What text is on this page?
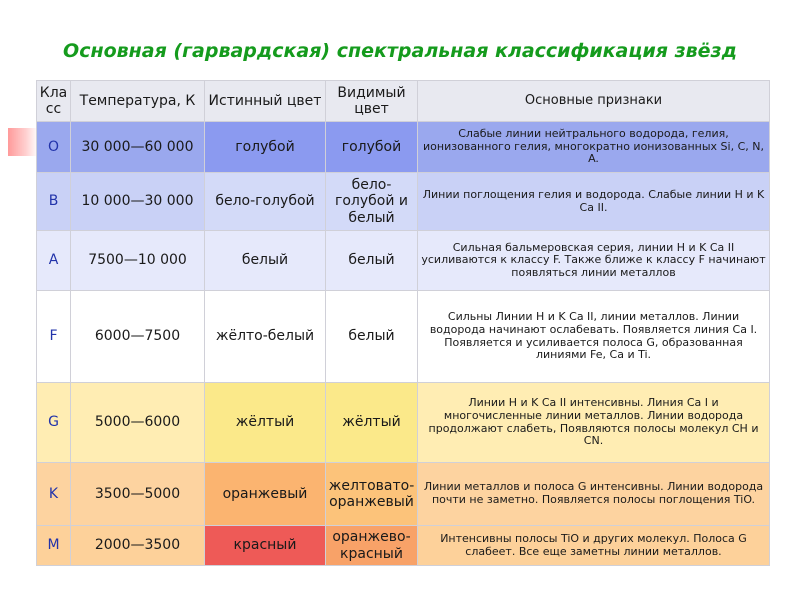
Основная (гарвардская) спектральная классификация звёзд
Кла сс	Температура, К	Истинный цвет	Видимый цвет	Основные признаки
O	30 000—60 000	голубой	голубой	Слабые линии нейтрального водорода, гелия, ионизованного гелия, многократно ионизованных Si, C, N, A.
B	10 000—30 000	бело-голубой	бело-голубой и белый	Линии поглощения гелия и водорода. Слабые линии H и K Ca II.
A	7500—10 000	белый	белый	Сильная бальмеровская серия, линии H и K Ca II усиливаются к классу F. Также ближе к классу F начинают появляться линии металлов
F	6000—7500	жёлто-белый	белый	Сильны Линии H и K Ca II, линии металлов. Линии водорода начинают ослабевать. Появляется линия Ca I. Появляется и усиливается полоса G, образованная линиями Fe, Ca и Ti.
G	5000—6000	жёлтый	жёлтый	Линии H и K Ca II интенсивны. Линия Ca I и многочисленные линии металлов. Линии водорода продолжают слабеть, Появляются полосы молекул CH и CN.
K	3500—5000	оранжевый	желтовато-оранжевый	Линии металлов и полоса G интенсивны. Линии водорода почти не заметно. Появляется полосы поглощения TiO.
M	2000—3500	красный	оранжево-красный	Интенсивны полосы TiO и других молекул. Полоса G слабеет. Все еще заметны линии металлов.
